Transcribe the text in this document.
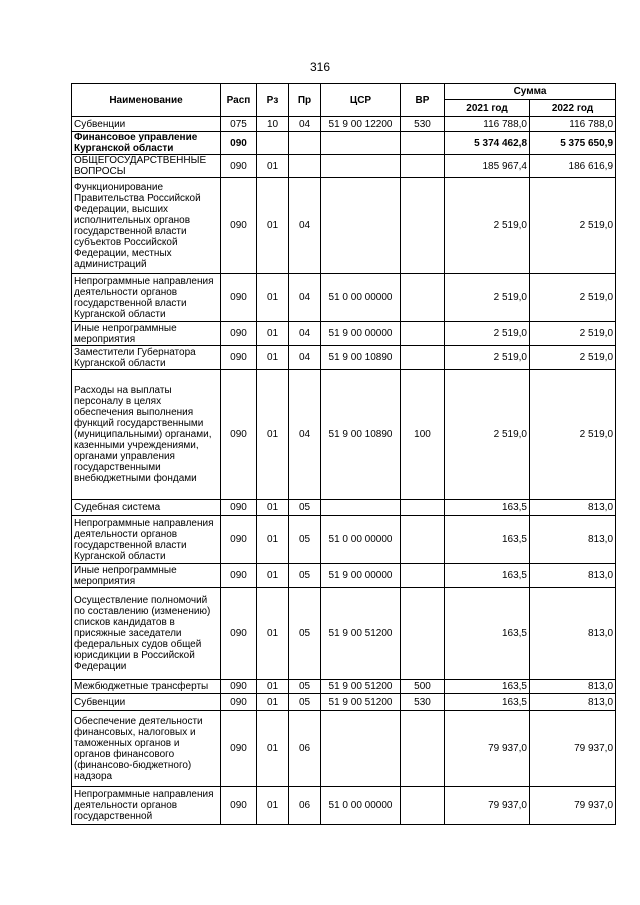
316
Наименование	Расп	Рз	Пр	ЦСР	ВР	Сумма	
						2021 год	2022 год
Субвенции	075	10	04	51 9 00 12200	530	116 788,0	116 788,0
Финансовое управление Курганской области	090					5 374 462,8	5 375 650,9
ОБЩЕГОСУДАРСТВЕННЫЕ ВОПРОСЫ	090	01				185 967,4	186 616,9
Функционирование Правительства Российской Федерации, высших исполнительных органов государственной власти субъектов Российской Федерации, местных администраций	090	01	04			2 519,0	2 519,0
Непрограммные направления деятельности органов государственной власти Курганской области	090	01	04	51 0 00 00000		2 519,0	2 519,0
Иные непрограммные мероприятия	090	01	04	51 9 00 00000		2 519,0	2 519,0
Заместители Губернатора Курганской области	090	01	04	51 9 00 10890		2 519,0	2 519,0
Расходы на выплаты персоналу в целях обеспечения выполнения функций государственными (муниципальными) органами, казенными учреждениями, органами управления государственными внебюджетными фондами	090	01	04	51 9 00 10890	100	2 519,0	2 519,0
Судебная система	090	01	05			163,5	813,0
Непрограммные направления деятельности органов государственной власти Курганской области	090	01	05	51 0 00 00000		163,5	813,0
Иные непрограммные мероприятия	090	01	05	51 9 00 00000		163,5	813,0
Осуществление полномочий по составлению (изменению) списков кандидатов в присяжные заседатели федеральных судов общей юрисдикции в Российской Федерации	090	01	05	51 9 00 51200		163,5	813,0
Межбюджетные трансферты	090	01	05	51 9 00 51200	500	163,5	813,0
Субвенции	090	01	05	51 9 00 51200	530	163,5	813,0
Обеспечение деятельности финансовых, налоговых и таможенных органов и органов финансового (финансово-бюджетного) надзора	090	01	06			79 937,0	79 937,0
Непрограммные направления деятельности органов государственной	090	01	06	51 0 00 00000		79 937,0	79 937,0
